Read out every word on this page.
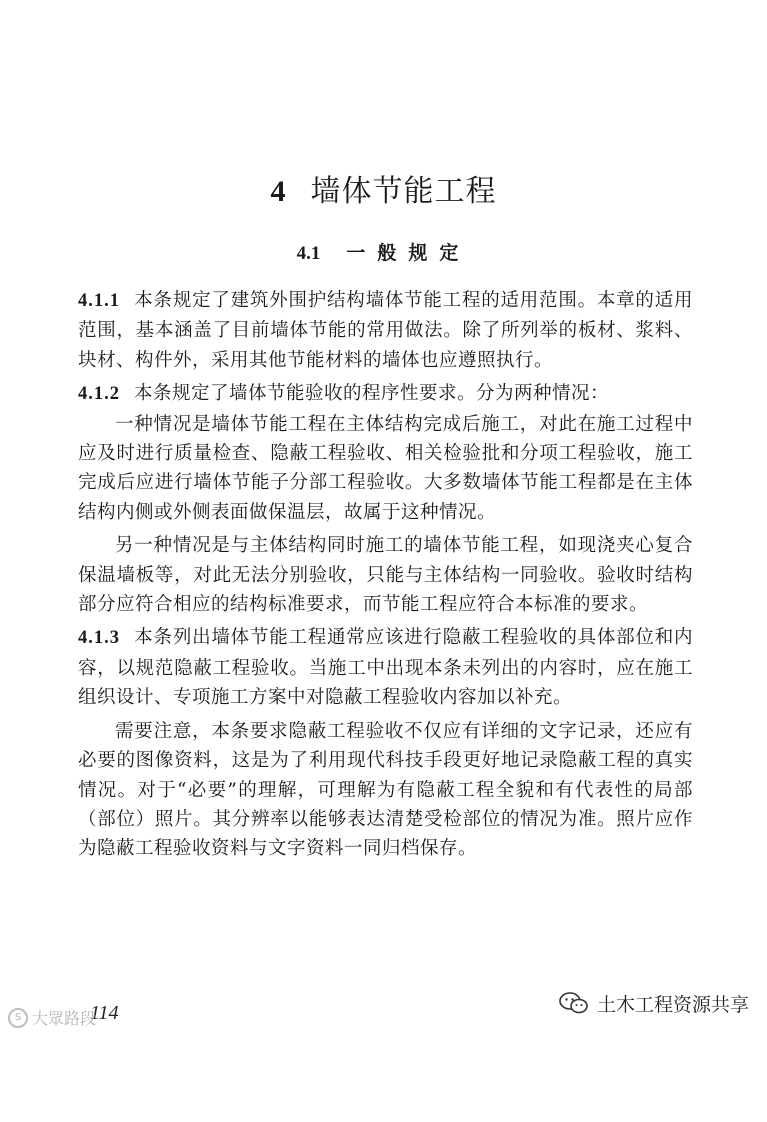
4 墙体节能工程
4.1 一般规定

4.1.1 本条规定了建筑外围护结构墙体节能工程的适用范围。本章的适用范围，基本涵盖了目前墙体节能的常用做法。除了所列举的板材、浆料、块材、构件外，采用其他节能材料的墙体也应遵照执行。

4.1.2 本条规定了墙体节能验收的程序性要求。分为两种情况：

一种情况是墙体节能工程在主体结构完成后施工，对此在施工过程中应及时进行质量检查、隐蔽工程验收、相关检验批和分项工程验收，施工完成后应进行墙体节能子分部工程验收。大多数墙体节能工程都是在主体结构内侧或外侧表面做保温层，故属于这种情况。

另一种情况是与主体结构同时施工的墙体节能工程，如现浇夹心复合保温墙板等，对此无法分别验收，只能与主体结构一同验收。验收时结构部分应符合相应的结构标准要求，而节能工程应符合本标准的要求。

4.1.3 本条列出墙体节能工程通常应该进行隐蔽工程验收的具体部位和内容，以规范隐蔽工程验收。当施工中出现本条未列出的内容时，应在施工组织设计、专项施工方案中对隐蔽工程验收内容加以补充。

需要注意，本条要求隐蔽工程验收不仅应有详细的文字记录，还应有必要的图像资料，这是为了利用现代科技手段更好地记录隐蔽工程的真实情况。对于“必要”的理解，可理解为有隐蔽工程全貌和有代表性的局部（部位）照片。其分辨率以能够表达清楚受检部位的情况为准。照片应作为隐蔽工程验收资料与文字资料一同归档保存。

114
S 大眾路段
土木工程资源共享
